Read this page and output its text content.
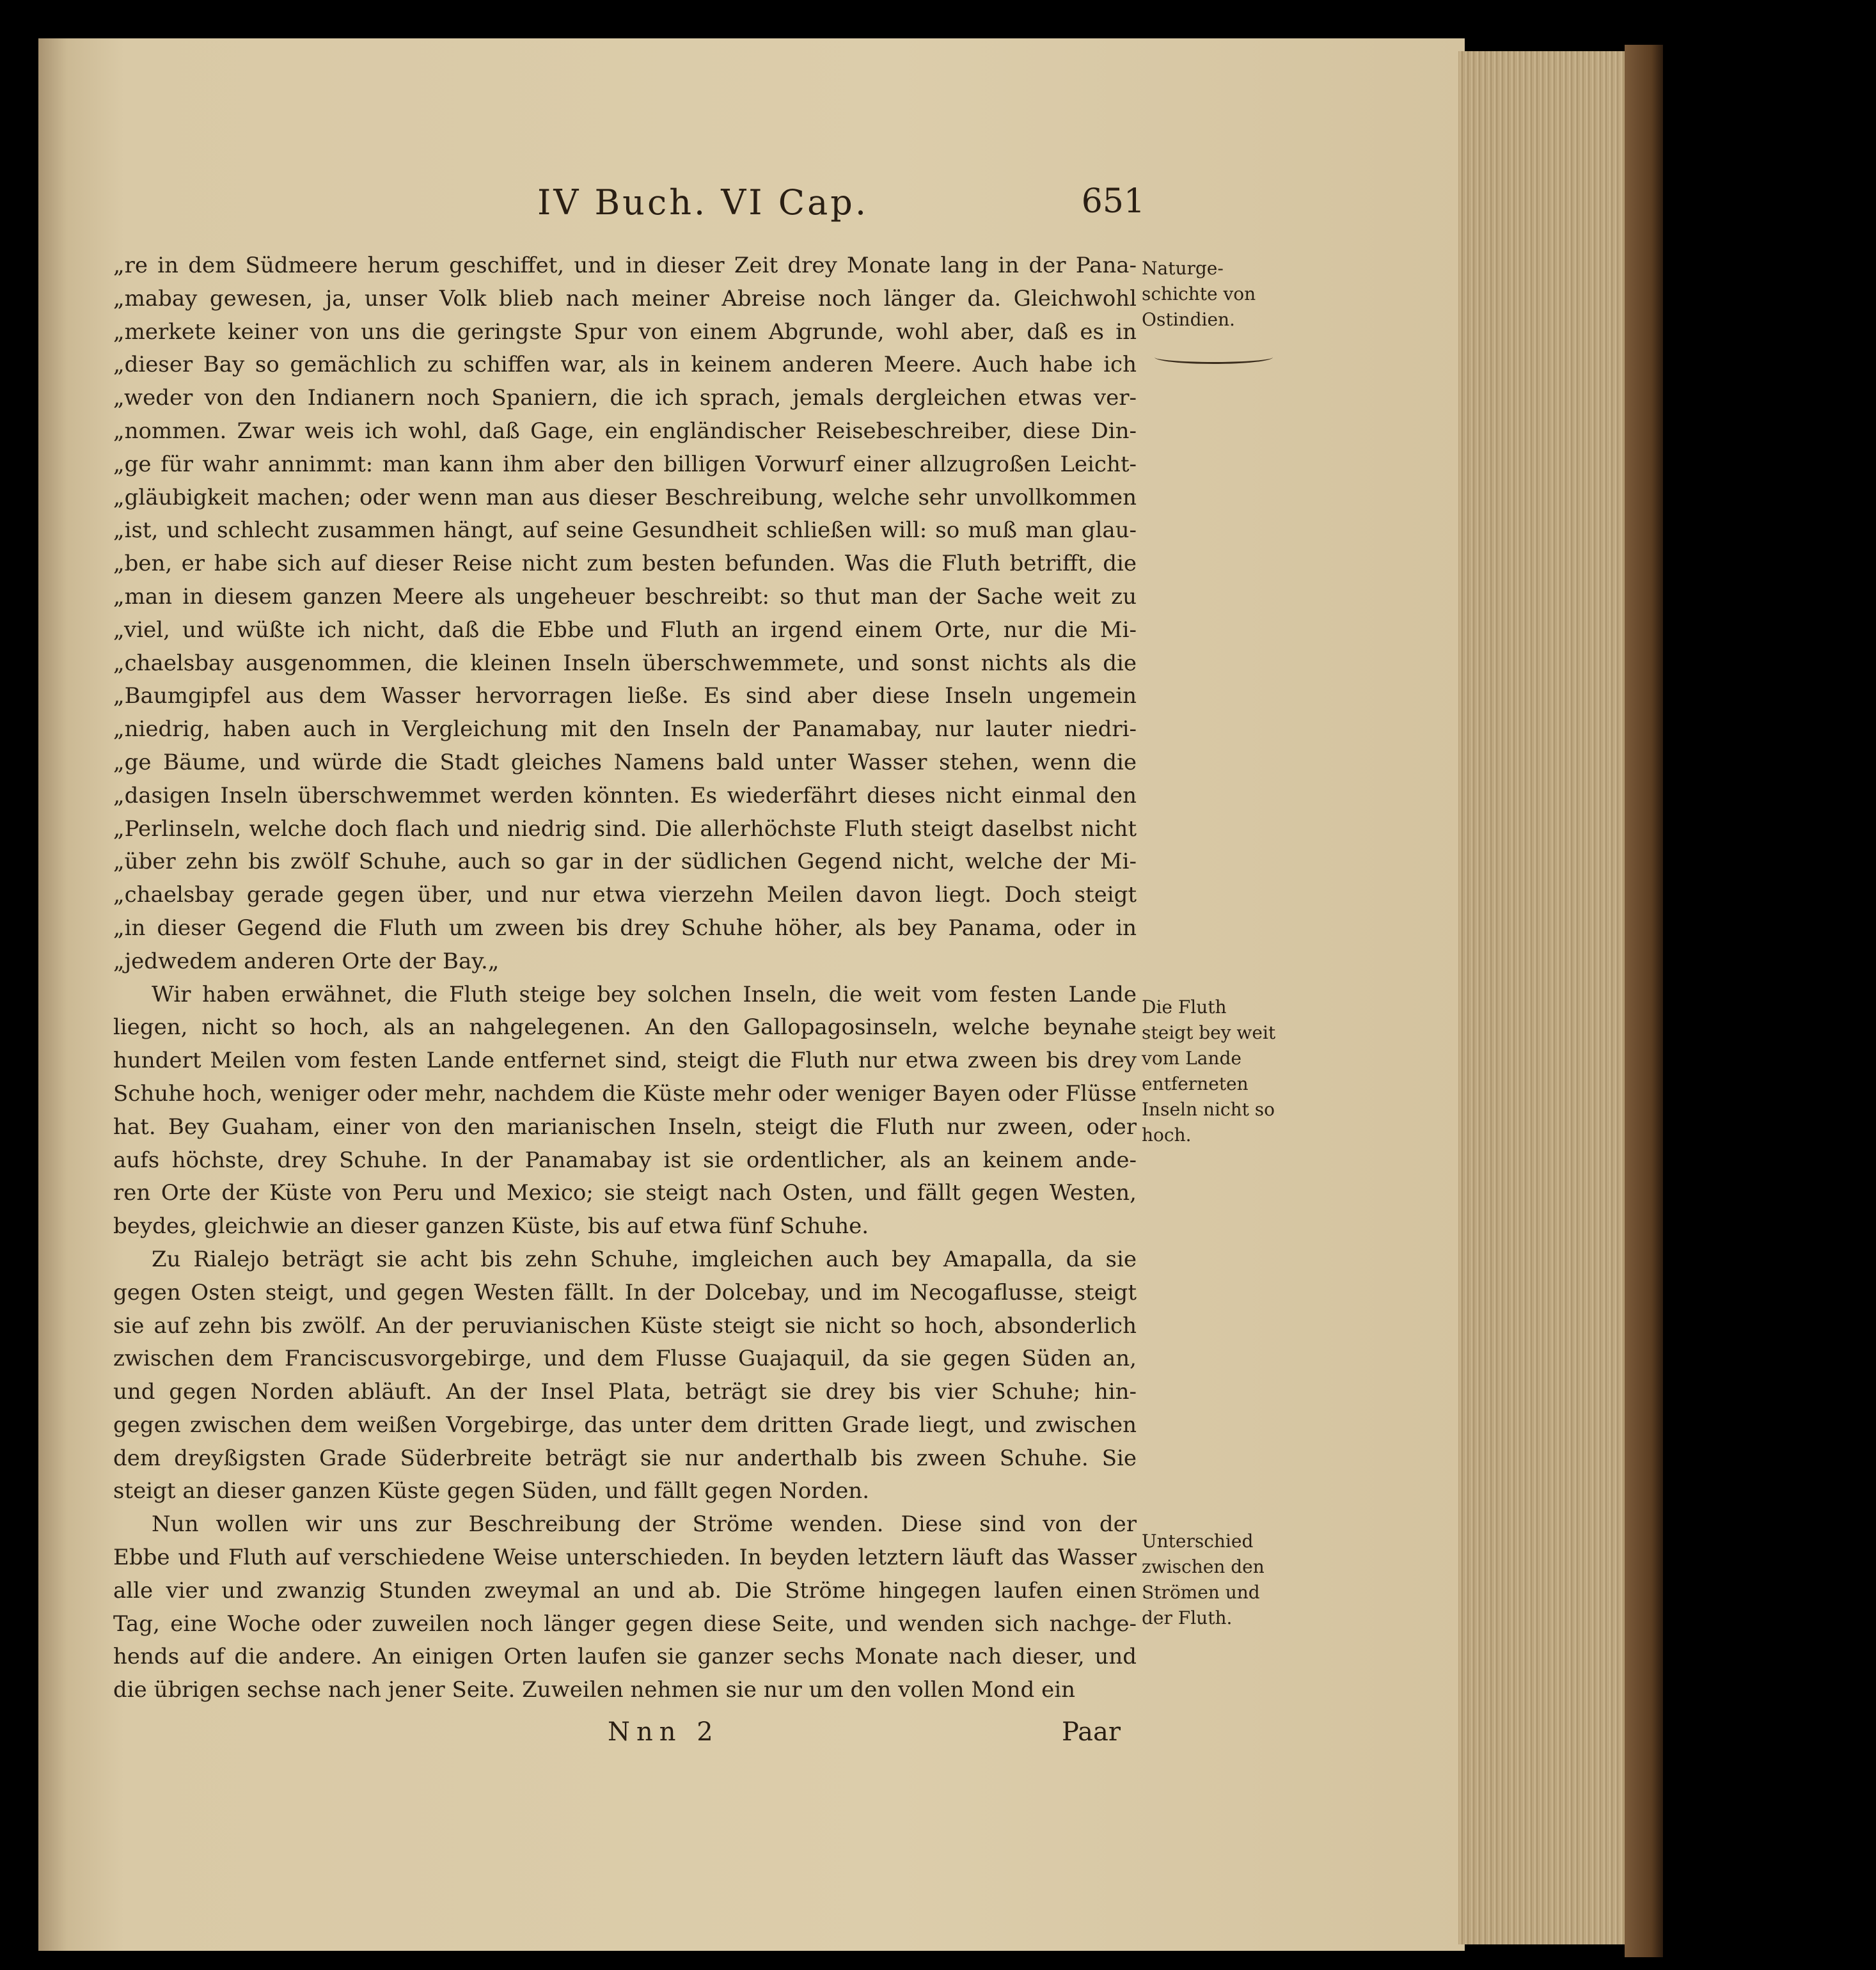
IV Buch. VI Cap.	651

„re in dem Südmeere herum geschiffet, und in dieser Zeit drey Monate lang in der Pana-
„mabay gewesen, ja, unser Volk blieb nach meiner Abreise noch länger da. Gleichwohl
„merkete keiner von uns die geringste Spur von einem Abgrunde, wohl aber, daß es in
„dieser Bay so gemächlich zu schiffen war, als in keinem anderen Meere. Auch habe ich
„weder von den Indianern noch Spaniern, die ich sprach, jemals dergleichen etwas ver-
„nommen. Zwar weis ich wohl, daß Gage, ein engländischer Reisebeschreiber, diese Din-
„ge für wahr annimmt: man kann ihm aber den billigen Vorwurf einer allzugroßen Leicht-
„gläubigkeit machen; oder wenn man aus dieser Beschreibung, welche sehr unvollkommen
„ist, und schlecht zusammen hängt, auf seine Gesundheit schließen will: so muß man glau-
„ben, er habe sich auf dieser Reise nicht zum besten befunden. Was die Fluth betrifft, die
„man in diesem ganzen Meere als ungeheuer beschreibt: so thut man der Sache weit zu
„viel, und wüßte ich nicht, daß die Ebbe und Fluth an irgend einem Orte, nur die Mi-
„chaelsbay ausgenommen, die kleinen Inseln überschwemmete, und sonst nichts als die
„Baumgipfel aus dem Wasser hervorragen ließe. Es sind aber diese Inseln ungemein
„niedrig, haben auch in Vergleichung mit den Inseln der Panamabay, nur lauter niedri-
„ge Bäume, und würde die Stadt gleiches Namens bald unter Wasser stehen, wenn die
„dasigen Inseln überschwemmet werden könnten. Es wiederfährt dieses nicht einmal den
„Perlinseln, welche doch flach und niedrig sind. Die allerhöchste Fluth steigt daselbst nicht
„über zehn bis zwölf Schuhe, auch so gar in der südlichen Gegend nicht, welche der Mi-
„chaelsbay gerade gegen über, und nur etwa vierzehn Meilen davon liegt. Doch steigt
„in dieser Gegend die Fluth um zween bis drey Schuhe höher, als bey Panama, oder in
„jedwedem anderen Orte der Bay.„

Wir haben erwähnet, die Fluth steige bey solchen Inseln, die weit vom festen Lande
liegen, nicht so hoch, als an nahgelegenen. An den Gallopagosinseln, welche beynahe
hundert Meilen vom festen Lande entfernet sind, steigt die Fluth nur etwa zween bis drey
Schuhe hoch, weniger oder mehr, nachdem die Küste mehr oder weniger Bayen oder Flüsse
hat. Bey Guaham, einer von den marianischen Inseln, steigt die Fluth nur zween, oder
aufs höchste, drey Schuhe. In der Panamabay ist sie ordentlicher, als an keinem ande-
ren Orte der Küste von Peru und Mexico; sie steigt nach Osten, und fällt gegen Westen,
beydes, gleichwie an dieser ganzen Küste, bis auf etwa fünf Schuhe.

Zu Rialejo beträgt sie acht bis zehn Schuhe, imgleichen auch bey Amapalla, da sie
gegen Osten steigt, und gegen Westen fällt. In der Dolcebay, und im Necogaflusse, steigt
sie auf zehn bis zwölf. An der peruvianischen Küste steigt sie nicht so hoch, absonderlich
zwischen dem Franciscusvorgebirge, und dem Flusse Guajaquil, da sie gegen Süden an,
und gegen Norden abläuft. An der Insel Plata, beträgt sie drey bis vier Schuhe; hin-
gegen zwischen dem weißen Vorgebirge, das unter dem dritten Grade liegt, und zwischen
dem dreyßigsten Grade Süderbreite beträgt sie nur anderthalb bis zween Schuhe. Sie
steigt an dieser ganzen Küste gegen Süden, und fällt gegen Norden.

Nun wollen wir uns zur Beschreibung der Ströme wenden. Diese sind von der
Ebbe und Fluth auf verschiedene Weise unterschieden. In beyden letztern läuft das Wasser
alle vier und zwanzig Stunden zweymal an und ab. Die Ströme hingegen laufen einen
Tag, eine Woche oder zuweilen noch länger gegen diese Seite, und wenden sich nachge-
hends auf die andere. An einigen Orten laufen sie ganzer sechs Monate nach dieser, und
die übrigen sechse nach jener Seite. Zuweilen nehmen sie nur um den vollen Mond ein

Naturge-
schichte von
Ostindien.
Die Fluth
steigt bey weit
vom Lande
entferneten
Inseln nicht so
hoch.
Unterschied
zwischen den
Strömen und
der Fluth.
Nnn 2	Paar
